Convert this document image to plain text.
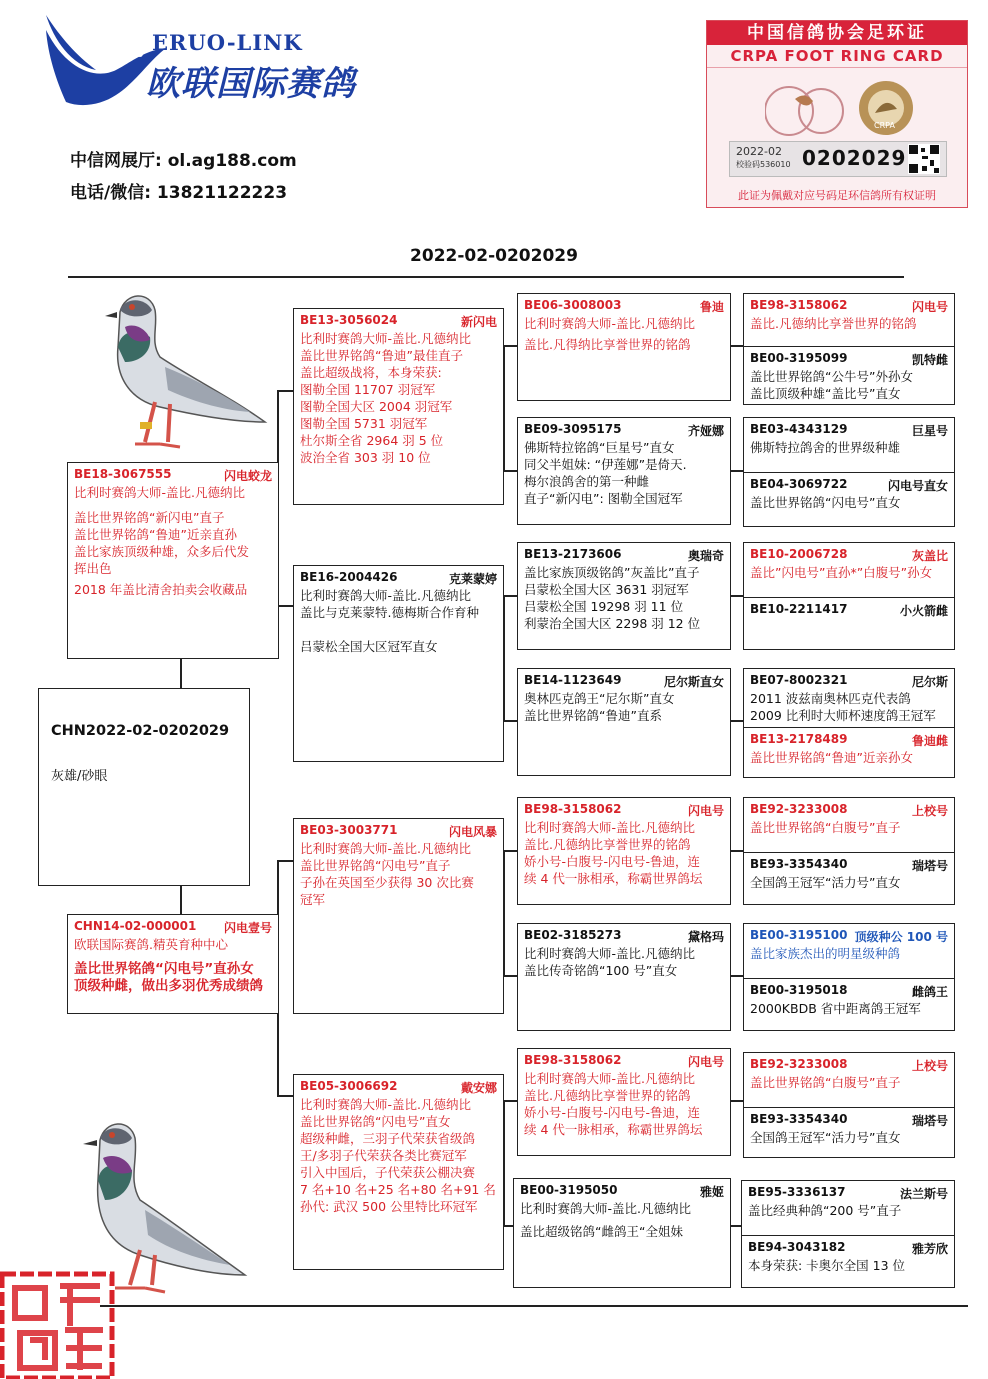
ERUO-LINK
欧联国际赛鸽
中信网展厅: ol.ag188.com
电话/微信: 13821122223
中国信鸽协会足环证
CRPA FOOT RING CARD
CRPA
2022-02
校验码536010 0202029
此证为佩戴对应号码足环信鸽所有权证明
2022-02-0202029
CHN2022-02-0202029
灰雄/砂眼
BE18-3067555	闪电蛟龙
比利时赛鸽大师-盖比.凡德纳比
盖比世界铭鸽“新闪电”直子
盖比世界铭鸽“鲁迪”近亲直孙
盖比家族顶级种雄，众多后代发
挥出色
2018 年盖比清舍拍卖会收藏品
CHN14-02-000001 闪电壹号
欧联国际赛鸽.精英育种中心
盖比世界铭鸽“闪电号”直孙女
顶级种雌，做出多羽优秀成绩鸽
BE13-3056024	新闪电
比利时赛鸽大师-盖比.凡德纳比
盖比世界铭鸽“鲁迪”最佳直子
盖比超级战将，本身荣获:
图勒全国 11707 羽冠军
图勒全国大区 2004 羽冠军
图勒全国 5731 羽冠军
杜尔斯全省 2964 羽 5 位
波治全省 303 羽 10 位
BE16-2004426	克莱蒙婷
比利时赛鸽大师-盖比.凡德纳比
盖比与克莱蒙特.德梅斯合作育种
吕蒙松全国大区冠军直女
BE03-3003771	闪电风暴
比利时赛鸽大师-盖比.凡德纳比
盖比世界铭鸽“闪电号”直子
子孙在英国至少获得 30 次比赛
冠军
BE05-3006692	戴安娜
比利时赛鸽大师-盖比.凡德纳比
盖比世界铭鸽“闪电号”直女
超级种雌，三羽子代荣获省级鸽
王/多羽子代荣获各类比赛冠军
引入中国后，子代荣获公棚决赛
7 名+10 名+25 名+80 名+91 名
孙代: 武汉 500 公里特比环冠军
BE06-3008003	鲁迪
比利时赛鸽大师-盖比.凡德纳比
盖比.凡得纳比享誉世界的铭鸽
BE09-3095175	齐娅娜
佛斯特拉铭鸽“巨星号”直女
同父半姐妹: “伊莲娜”是倚天.
梅尔浪鸽舍的第一种雌
直子“新闪电”: 图勒全国冠军
BE13-2173606	奥瑞奇
盖比家族顶级铭鸽”灰盖比”直子
吕蒙松全国大区 3631 羽冠军
吕蒙松全国 19298 羽 11 位
利蒙治全国大区 2298 羽 12 位
BE14-1123649	尼尔斯直女
奥林匹克鸽王“尼尔斯”直女
盖比世界铭鸽“鲁迪”直系
BE98-3158062	闪电号
比利时赛鸽大师-盖比.凡德纳比
盖比.凡德纳比享誉世界的铭鸽
娇小号-白腹号-闪电号-鲁迪，连
续 4 代一脉相承，称霸世界鸽坛
BE02-3185273	黛格玛
比利时赛鸽大师-盖比.凡德纳比
盖比传奇铭鸽“100 号”直女
BE98-3158062	闪电号
比利时赛鸽大师-盖比.凡德纳比
盖比.凡德纳比享誉世界的铭鸽
娇小号-白腹号-闪电号-鲁迪，连
续 4 代一脉相承，称霸世界鸽坛
BE00-3195050	雅姬
比利时赛鸽大师-盖比.凡德纳比
盖比超级铭鸽“雌鸽王“全姐妹
BE98-3158062	闪电号
盖比.凡德纳比享誉世界的铭鸽
BE00-3195099	凯特雌
盖比世界铭鸽“公牛号”外孙女
盖比顶级种雄“盖比号”直女
BE03-4343129	巨星号
佛斯特拉鸽舍的世界级种雄
BE04-3069722	闪电号直女
盖比世界铭鸽“闪电号”直女
BE10-2006728	灰盖比
盖比”闪电号”直孙*”白腹号”孙女
BE10-2211417	小火箭雌
BE07-8002321	尼尔斯
2011 波兹南奥林匹克代表鸽
2009 比利时大师杯速度鸽王冠军
BE13-2178489	鲁迪雌
盖比世界铭鸽“鲁迪”近亲孙女
BE92-3233008	上校号
盖比世界铭鸽“白腹号”直子
BE93-3354340	瑞塔号
全国鸽王冠军“活力号”直女
BE00-3195100 顶级种公 100 号
盖比家族杰出的明星级种鸽
BE00-3195018	雌鸽王
2000KBDB 省中距离鸽王冠军
BE92-3233008	上校号
盖比世界铭鸽“白腹号”直子
BE93-3354340	瑞塔号
全国鸽王冠军“活力号”直女
BE95-3336137	法兰斯号
盖比经典种鸽“200 号”直子
BE94-3043182	雅芳欣
本身荣获: 卡奥尔全国 13 位
